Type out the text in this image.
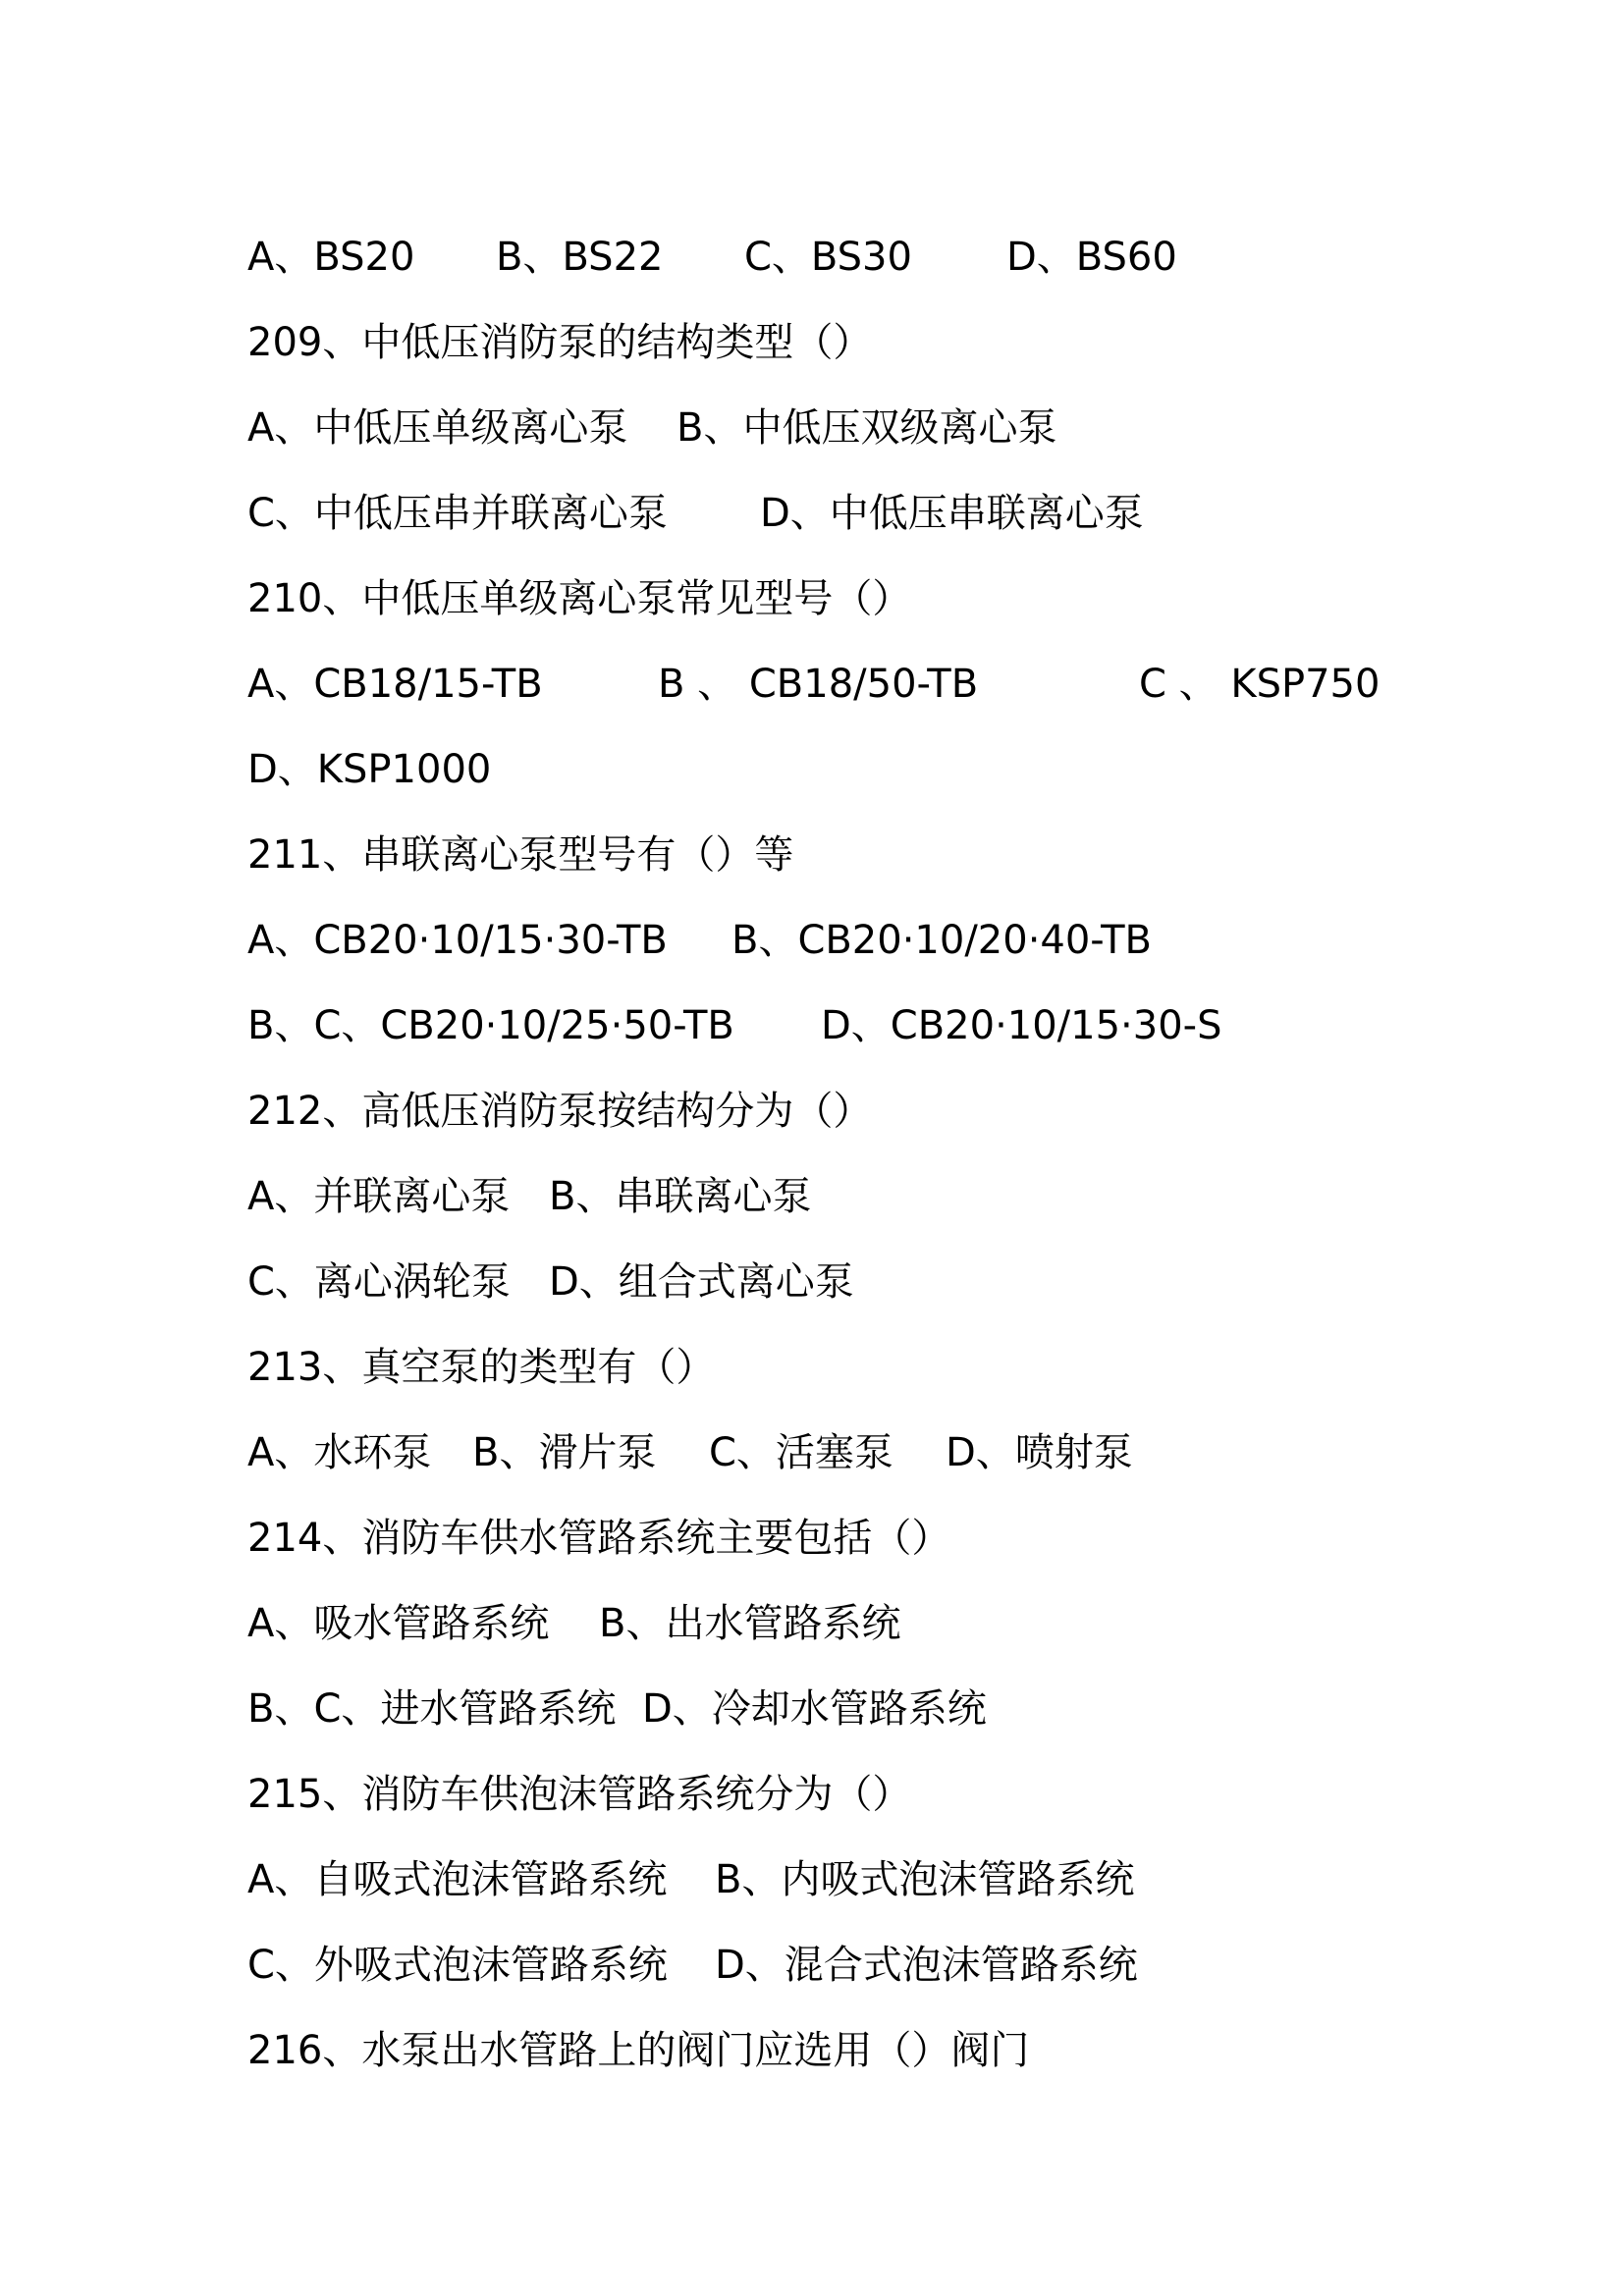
A、BS20 B、BS22 C、BS30 D、BS60
209、中低压消防泵的结构类型（）
A、中低压单级离心泵 B、中低压双级离心泵
C、中低压串并联离心泵 D、中低压串联离心泵
210、中低压单级离心泵常见型号（）
A、CB18/15-TB	B 、 CB18/50-TB	C 、 KSP750
D、KSP1000
211、串联离心泵型号有（）等
A、CB20·10/15·30-TB B、CB20·10/20·40-TB
B、C、CB20·10/25·50-TB D、CB20·10/15·30-S
212、高低压消防泵按结构分为（）
A、并联离心泵 B、串联离心泵
C、离心涡轮泵 D、组合式离心泵
213、真空泵的类型有（）
A、水环泵 B、滑片泵 C、活塞泵 D、喷射泵
214、消防车供水管路系统主要包括（）
A、吸水管路系统 B、出水管路系统
B、C、进水管路系统 D、冷却水管路系统
215、消防车供泡沫管路系统分为（）
A、自吸式泡沫管路系统 B、内吸式泡沫管路系统
C、外吸式泡沫管路系统 D、混合式泡沫管路系统
216、水泵出水管路上的阀门应选用（）阀门
